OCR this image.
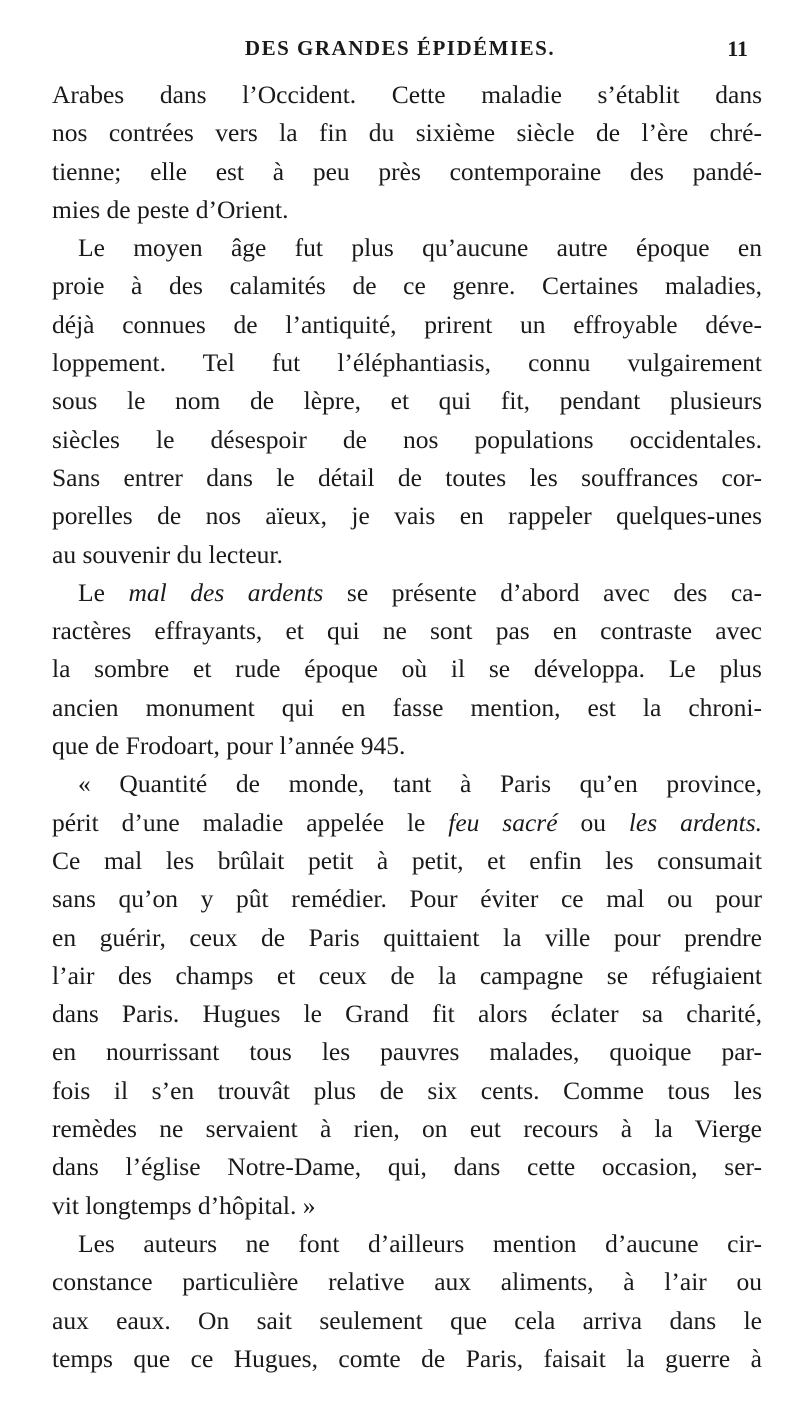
DES GRANDES ÉPIDÉMIES.	11
Arabes dans l’Occident. Cette maladie s’établit dans
nos contrées vers la fin du sixième siècle de l’ère chré-
tienne; elle est à peu près contemporaine des pandé-
mies de peste d’Orient.
Le moyen âge fut plus qu’aucune autre époque en
proie à des calamités de ce genre. Certaines maladies,
déjà connues de l’antiquité, prirent un effroyable déve-
loppement. Tel fut l’éléphantiasis, connu vulgairement
sous le nom de lèpre, et qui fit, pendant plusieurs
siècles le désespoir de nos populations occidentales.
Sans entrer dans le détail de toutes les souffrances cor-
porelles de nos aïeux, je vais en rappeler quelques-unes
au souvenir du lecteur.
Le mal des ardents se présente d’abord avec des ca-
ractères effrayants, et qui ne sont pas en contraste avec
la sombre et rude époque où il se développa. Le plus
ancien monument qui en fasse mention, est la chroni-
que de Frodoart, pour l’année 945.
« Quantité de monde, tant à Paris qu’en province,
périt d’une maladie appelée le feu sacré ou les ardents.
Ce mal les brûlait petit à petit, et enfin les consumait
sans qu’on y pût remédier. Pour éviter ce mal ou pour
en guérir, ceux de Paris quittaient la ville pour prendre
l’air des champs et ceux de la campagne se réfugiaient
dans Paris. Hugues le Grand fit alors éclater sa charité,
en nourrissant tous les pauvres malades, quoique par-
fois il s’en trouvât plus de six cents. Comme tous les
remèdes ne servaient à rien, on eut recours à la Vierge
dans l’église Notre-Dame, qui, dans cette occasion, ser-
vit longtemps d’hôpital. »
Les auteurs ne font d’ailleurs mention d’aucune cir-
constance particulière relative aux aliments, à l’air ou
aux eaux. On sait seulement que cela arriva dans le
temps que ce Hugues, comte de Paris, faisait la guerre à
